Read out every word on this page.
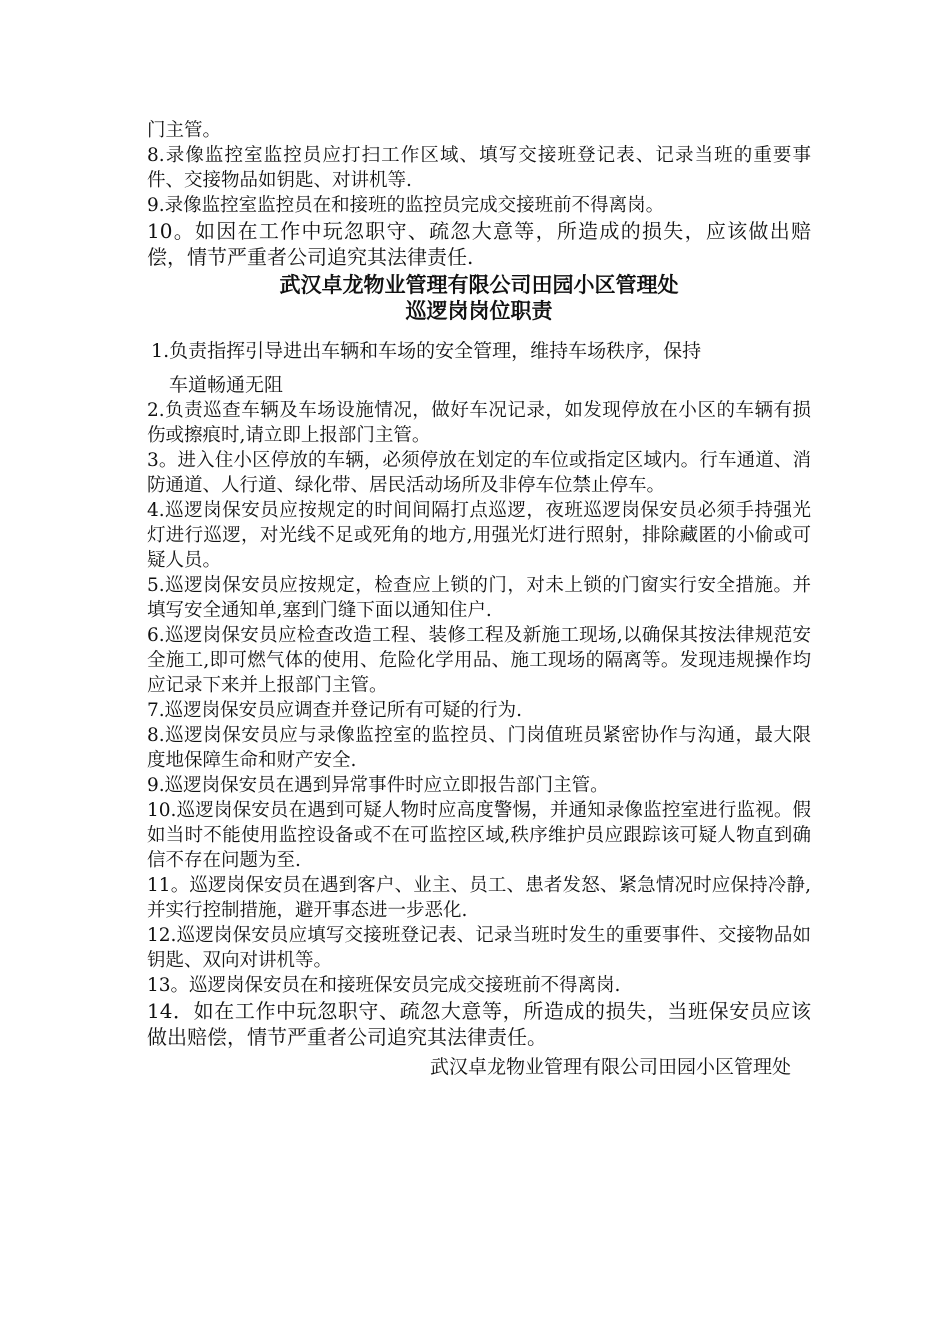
门主管。

8.录像监控室监控员应打扫工作区域、填写交接班登记表、记录当班的重要事件、交接物品如钥匙、对讲机等.

9.录像监控室监控员在和接班的监控员完成交接班前不得离岗。

10。如因在工作中玩忽职守、疏忽大意等，所造成的损失，应该做出赔偿，情节严重者公司追究其法律责任.

武汉卓龙物业管理有限公司田园小区管理处
巡逻岗岗位职责

1.负责指挥引导进出车辆和车场的安全管理，维持车场秩序，保持
车道畅通无阻

2.负责巡查车辆及车场设施情况，做好车况记录，如发现停放在小区的车辆有损伤或擦痕时,请立即上报部门主管。

3。进入住小区停放的车辆，必须停放在划定的车位或指定区域内。行车通道、消防通道、人行道、绿化带、居民活动场所及非停车位禁止停车。

4.巡逻岗保安员应按规定的时间间隔打点巡逻，夜班巡逻岗保安员必须手持强光灯进行巡逻，对光线不足或死角的地方,用强光灯进行照射，排除藏匿的小偷或可疑人员。

5.巡逻岗保安员应按规定，检查应上锁的门，对未上锁的门窗实行安全措施。并填写安全通知单,塞到门缝下面以通知住户.

6.巡逻岗保安员应检查改造工程、装修工程及新施工现场,以确保其按法律规范安全施工,即可燃气体的使用、危险化学用品、施工现场的隔离等。发现违规操作均应记录下来并上报部门主管。

7.巡逻岗保安员应调查并登记所有可疑的行为.

8.巡逻岗保安员应与录像监控室的监控员、门岗值班员紧密协作与沟通，最大限度地保障生命和财产安全.

9.巡逻岗保安员在遇到异常事件时应立即报告部门主管。

10.巡逻岗保安员在遇到可疑人物时应高度警惕，并通知录像监控室进行监视。假如当时不能使用监控设备或不在可监控区域,秩序维护员应跟踪该可疑人物直到确信不存在问题为至.

11。巡逻岗保安员在遇到客户、业主、员工、患者发怒、紧急情况时应保持冷静,并实行控制措施，避开事态进一步恶化.

12.巡逻岗保安员应填写交接班登记表、记录当班时发生的重要事件、交接物品如钥匙、双向对讲机等。

13。巡逻岗保安员在和接班保安员完成交接班前不得离岗.

14．如在工作中玩忽职守、疏忽大意等，所造成的损失，当班保安员应该做出赔偿，情节严重者公司追究其法律责任。

武汉卓龙物业管理有限公司田园小区管理处
